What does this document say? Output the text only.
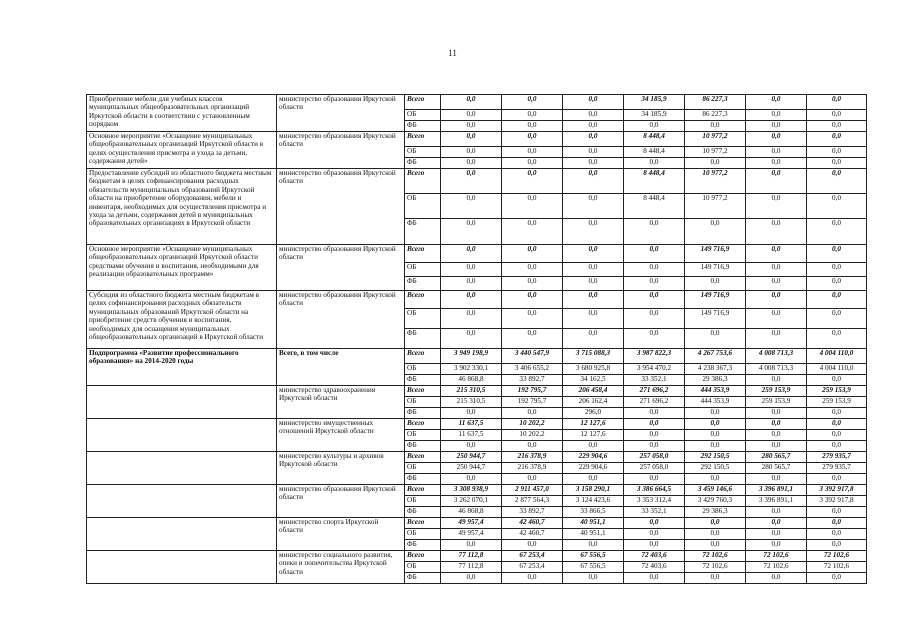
11
Приобретение мебели для учебных классов муниципальных общеобразовательных организаций Иркутской области в соответствии с установленным порядком	министерство образования Иркутской области	Всего	0,0	0,0	0,0	34 185,9	86 227,3	0,0	0,0
		ОБ	0,0	0,0	0,0	34 185,9	86 227,3	0,0	0,0
		ФБ	0,0	0,0	0,0	0,0	0,0	0,0	0,0
Основное мероприятие «Оснащение муниципальных общеобразовательных организаций Иркутской области в целях осуществления присмотра и ухода за детьми, содержания детей»	министерство образования Иркутской области	Всего	0,0	0,0	0,0	8 448,4	10 977,2	0,0	0,0
		ОБ	0,0	0,0	0,0	8 448,4	10 977,2	0,0	0,0
		ФБ	0,0	0,0	0,0	0,0	0,0	0,0	0,0
Предоставление субсидий из областного бюджета местным бюджетам в целях софинансирования расходных обязательств муниципальных образований Иркутской области на приобретение оборудования, мебели и инвентаря, необходимых для осуществления присмотра и ухода за детьми, содержания детей в муниципальных образовательных организациях в Иркутской области	министерство образования Иркутской области	Всего	0,0	0,0	0,0	8 448,4	10 977,2	0,0	0,0
		ОБ	0,0	0,0	0,0	8 448,4	10 977,2	0,0	0,0
		ФБ	0,0	0,0	0,0	0,0	0,0	0,0	0,0
Основное мероприятие «Оснащение муниципальных общеобразовательных организаций Иркутской области средствами обучения и воспитания, необходимыми для реализации образовательных программ»	министерство образования Иркутской области	Всего	0,0	0,0	0,0	0,0	149 716,9	0,0	0,0
		ОБ	0,0	0,0	0,0	0,0	149 716,9	0,0	0,0
		ФБ	0,0	0,0	0,0	0,0	0,0	0,0	0,0
Субсидия из областного бюджета местным бюджетам в целях софинансирования расходных обязательств муниципальных образований Иркутской области на приобретение средств обучения и воспитания, необходимых для оснащения муниципальных общеобразовательных организаций в Иркутской области	министерство образования Иркутской области	Всего	0,0	0,0	0,0	0,0	149 716,9	0,0	0,0
		ОБ	0,0	0,0	0,0	0,0	149 716,9	0,0	0,0
		ФБ	0,0	0,0	0,0	0,0	0,0	0,0	0,0
Подпрограмма «Развитие профессионального образования» на 2014-2020 годы	Всего, в том числе	Всего	3 949 198,9	3 440 547,9	3 715 088,3	3 987 822,3	4 267 753,6	4 008 713,3	4 004 110,0
		ОБ	3 902 330,1	3 406 655,2	3 680 925,8	3 954 470,2	4 238 367,3	4 008 713,3	4 004 110,0
		ФБ	46 868,8	33 892,7	34 162,5	33 352,1	29 386,3	0,0	0,0
	министерство здравоохранения Иркутской области	Всего	215 310,5	192 795,7	206 458,4	271 696,2	444 353,9	259 153,9	259 153,9
		ОБ	215 310,5	192 795,7	206 162,4	271 696,2	444 353,9	259 153,9	259 153,9
		ФБ	0,0	0,0	296,0	0,0	0,0	0,0	0,0
	министерство имущественных отношений Иркутской области	Всего	11 637,5	10 202,2	12 127,6	0,0	0,0	0,0	0,0
		ОБ	11 637,5	10 202,2	12 127,6	0,0	0,0	0,0	0,0
		ФБ	0,0	0,0	0,0	0,0	0,0	0,0	0,0
	министерство культуры и архивов Иркутской области	Всего	250 944,7	216 378,9	229 904,6	257 058,0	292 150,5	280 565,7	279 935,7
		ОБ	250 944,7	216 378,9	229 904,6	257 058,0	292 150,5	280 565,7	279 935,7
		ФБ	0,0	0,0	0,0	0,0	0,0	0,0	0,0
	министерство образования Иркутской области	Всего	3 308 938,9	2 911 457,0	3 158 290,1	3 386 664,5	3 459 146,6	3 396 891,1	3 392 917,8
		ОБ	3 262 070,1	2 877 564,3	3 124 423,6	3 353 312,4	3 429 760,3	3 396 891,1	3 392 917,8
		ФБ	46 868,8	33 892,7	33 866,5	33 352,1	29 386,3	0,0	0,0
	министерство спорта Иркутской области	Всего	49 957,4	42 460,7	40 951,1	0,0	0,0	0,0	0,0
		ОБ	49 957,4	42 460,7	40 951,1	0,0	0,0	0,0	0,0
		ФБ	0,0	0,0	0,0	0,0	0,0	0,0	0,0
	министерство социального развития, опеки и попечительства Иркутской области	Всего	77 112,8	67 253,4	67 556,5	72 403,6	72 102,6	72 102,6	72 102,6
		ОБ	77 112,8	67 253,4	67 556,5	72 403,6	72 102,6	72 102,6	72 102,6
		ФБ	0,0	0,0	0,0	0,0	0,0	0,0	0,0
